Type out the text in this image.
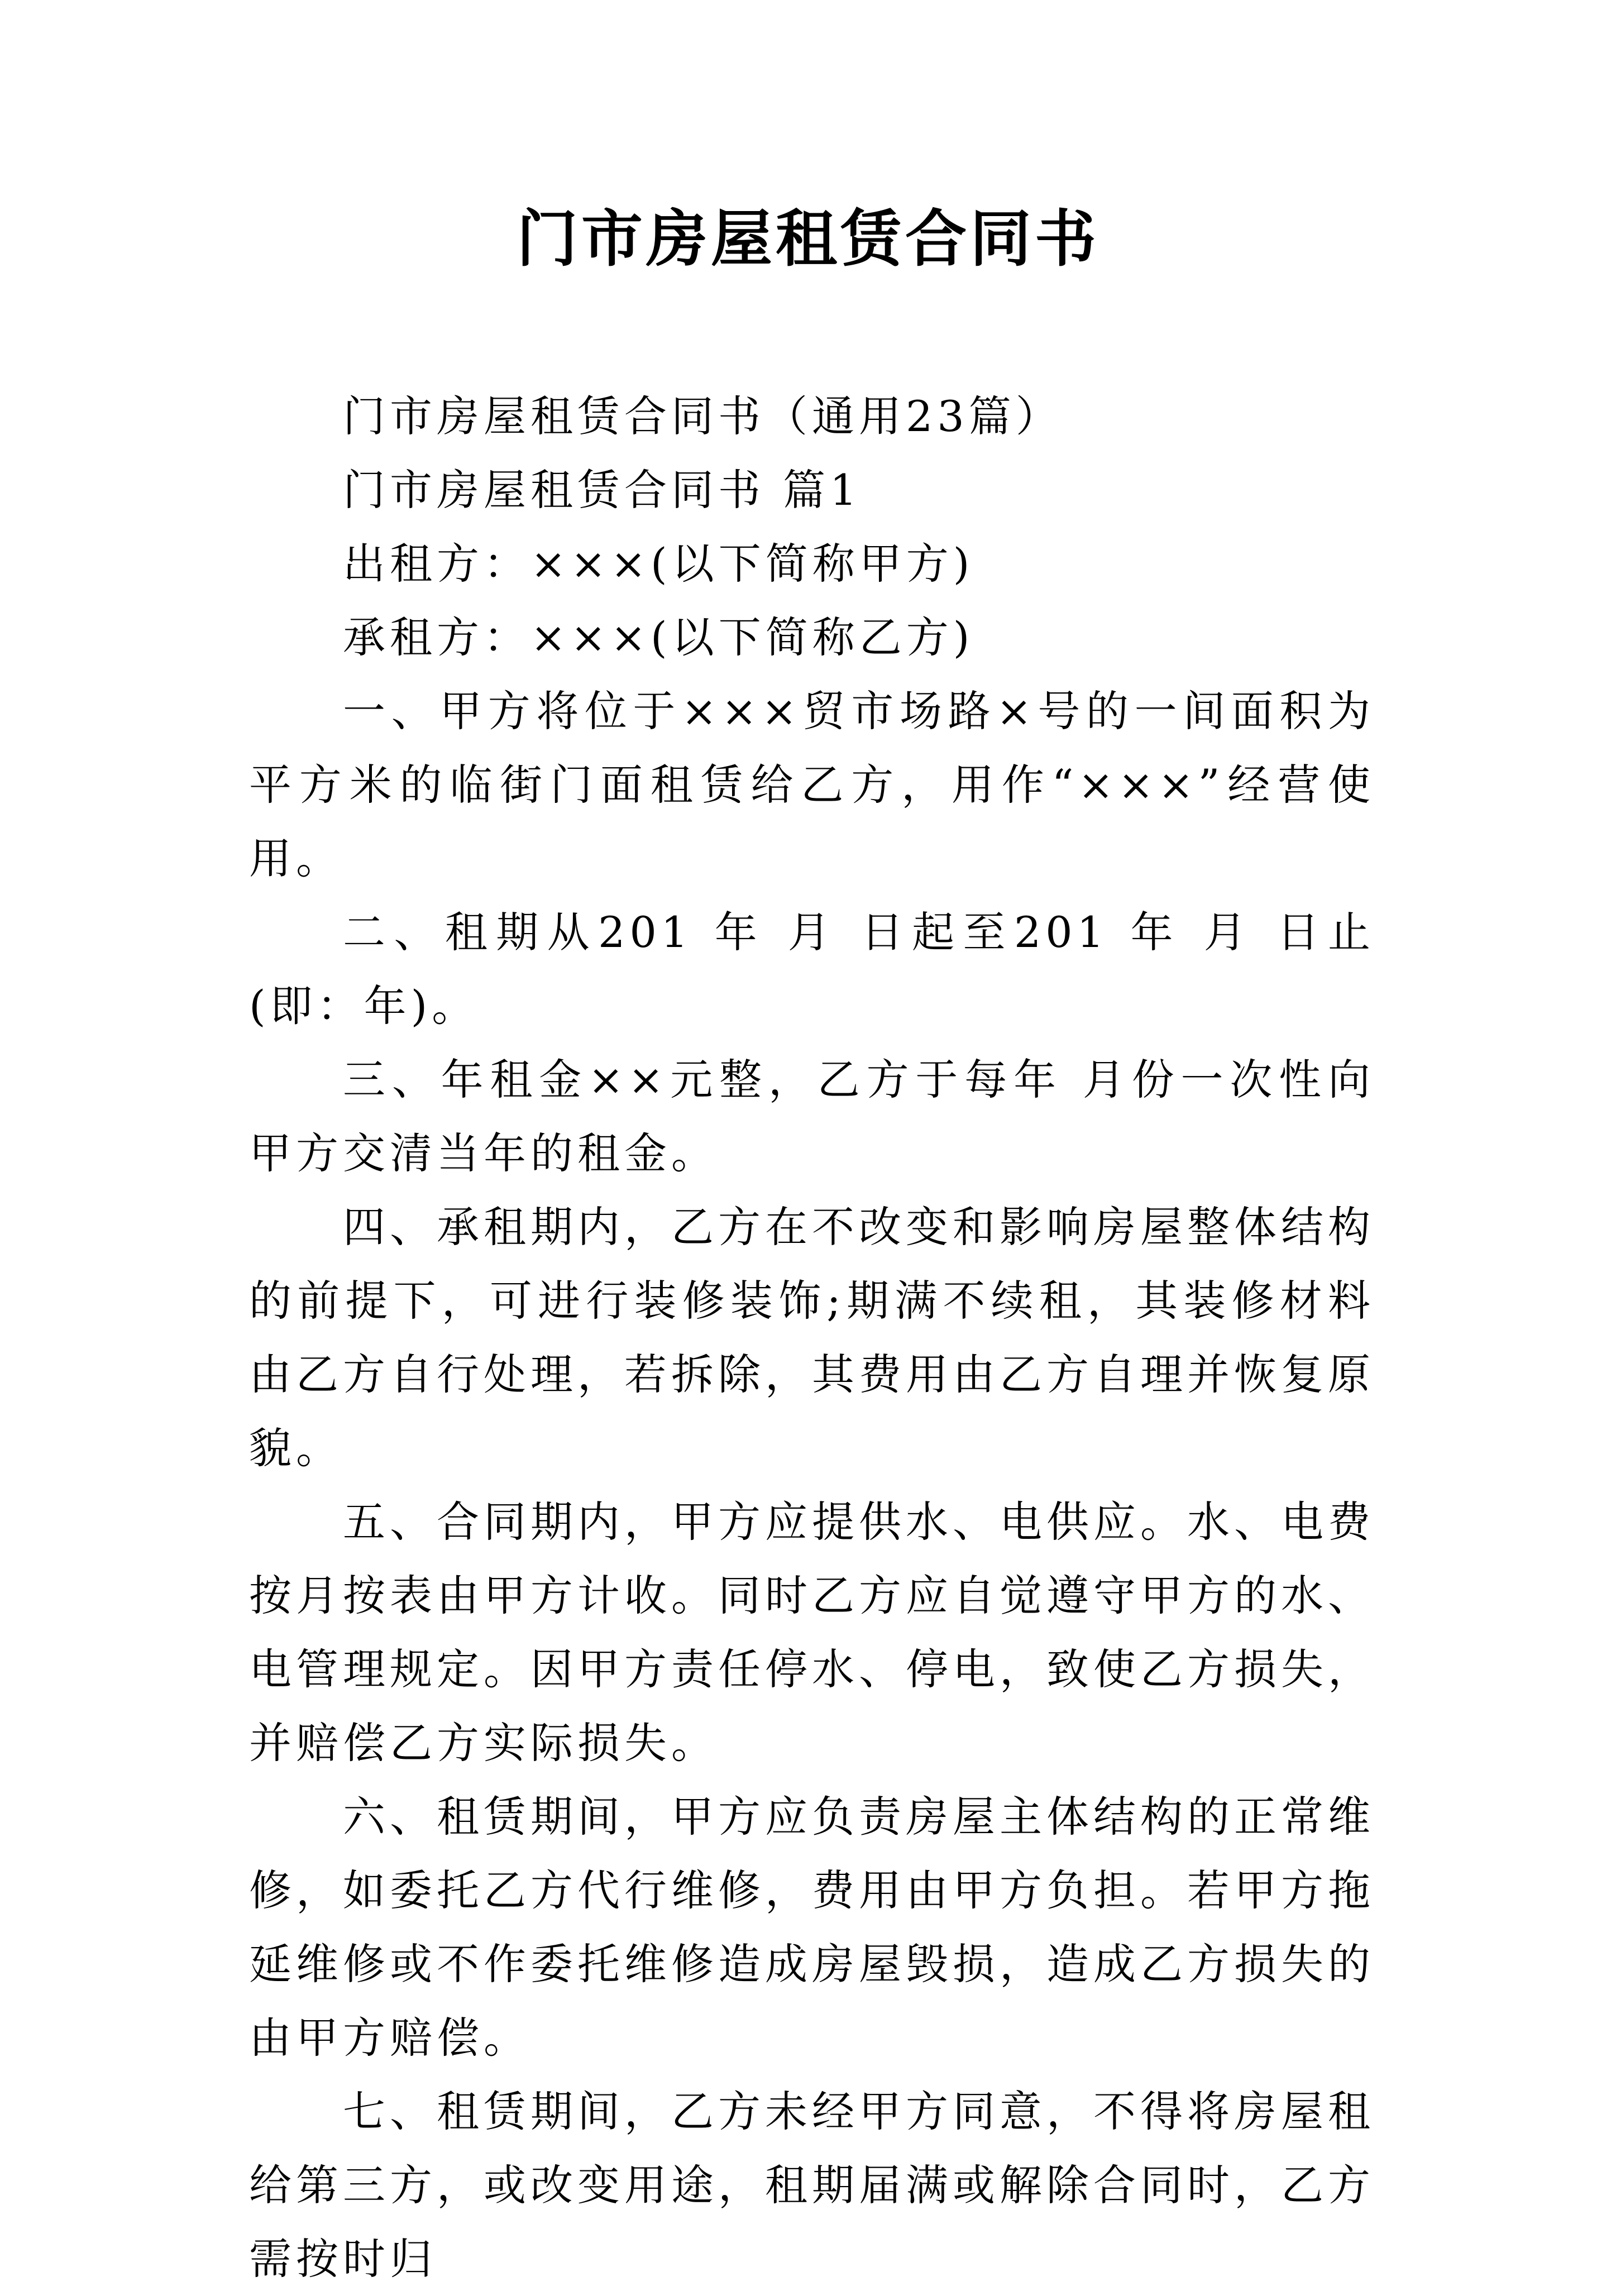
门市房屋租赁合同书

门市房屋租赁合同书（通用23篇）

门市房屋租赁合同书 篇1

出租方：×××(以下简称甲方)

承租方：×××(以下简称乙方)

一、甲方将位于×××贸市场路×号的一间面积为 平方米的临街门面租赁给乙方，用作“×××”经营使用。

二、租期从201 年 月 日起至201 年 月 日止(即：年)。

三、年租金××元整，乙方于每年 月份一次性向甲方交清当年的租金。

四、承租期内，乙方在不改变和影响房屋整体结构的前提下，可进行装修装饰;期满不续租，其装修材料由乙方自行处理，若拆除，其费用由乙方自理并恢复原貌。

五、合同期内，甲方应提供水、电供应。水、电费按月按表由甲方计收。同时乙方应自觉遵守甲方的水、电管理规定。因甲方责任停水、停电，致使乙方损失，并赔偿乙方实际损失。

六、租赁期间，甲方应负责房屋主体结构的正常维修，如委托乙方代行维修，费用由甲方负担。若甲方拖延维修或不作委托维修造成房屋毁损，造成乙方损失的由甲方赔偿。

七、租赁期间，乙方未经甲方同意，不得将房屋租给第三方，或改变用途，租期届满或解除合同时，乙方需按时归
